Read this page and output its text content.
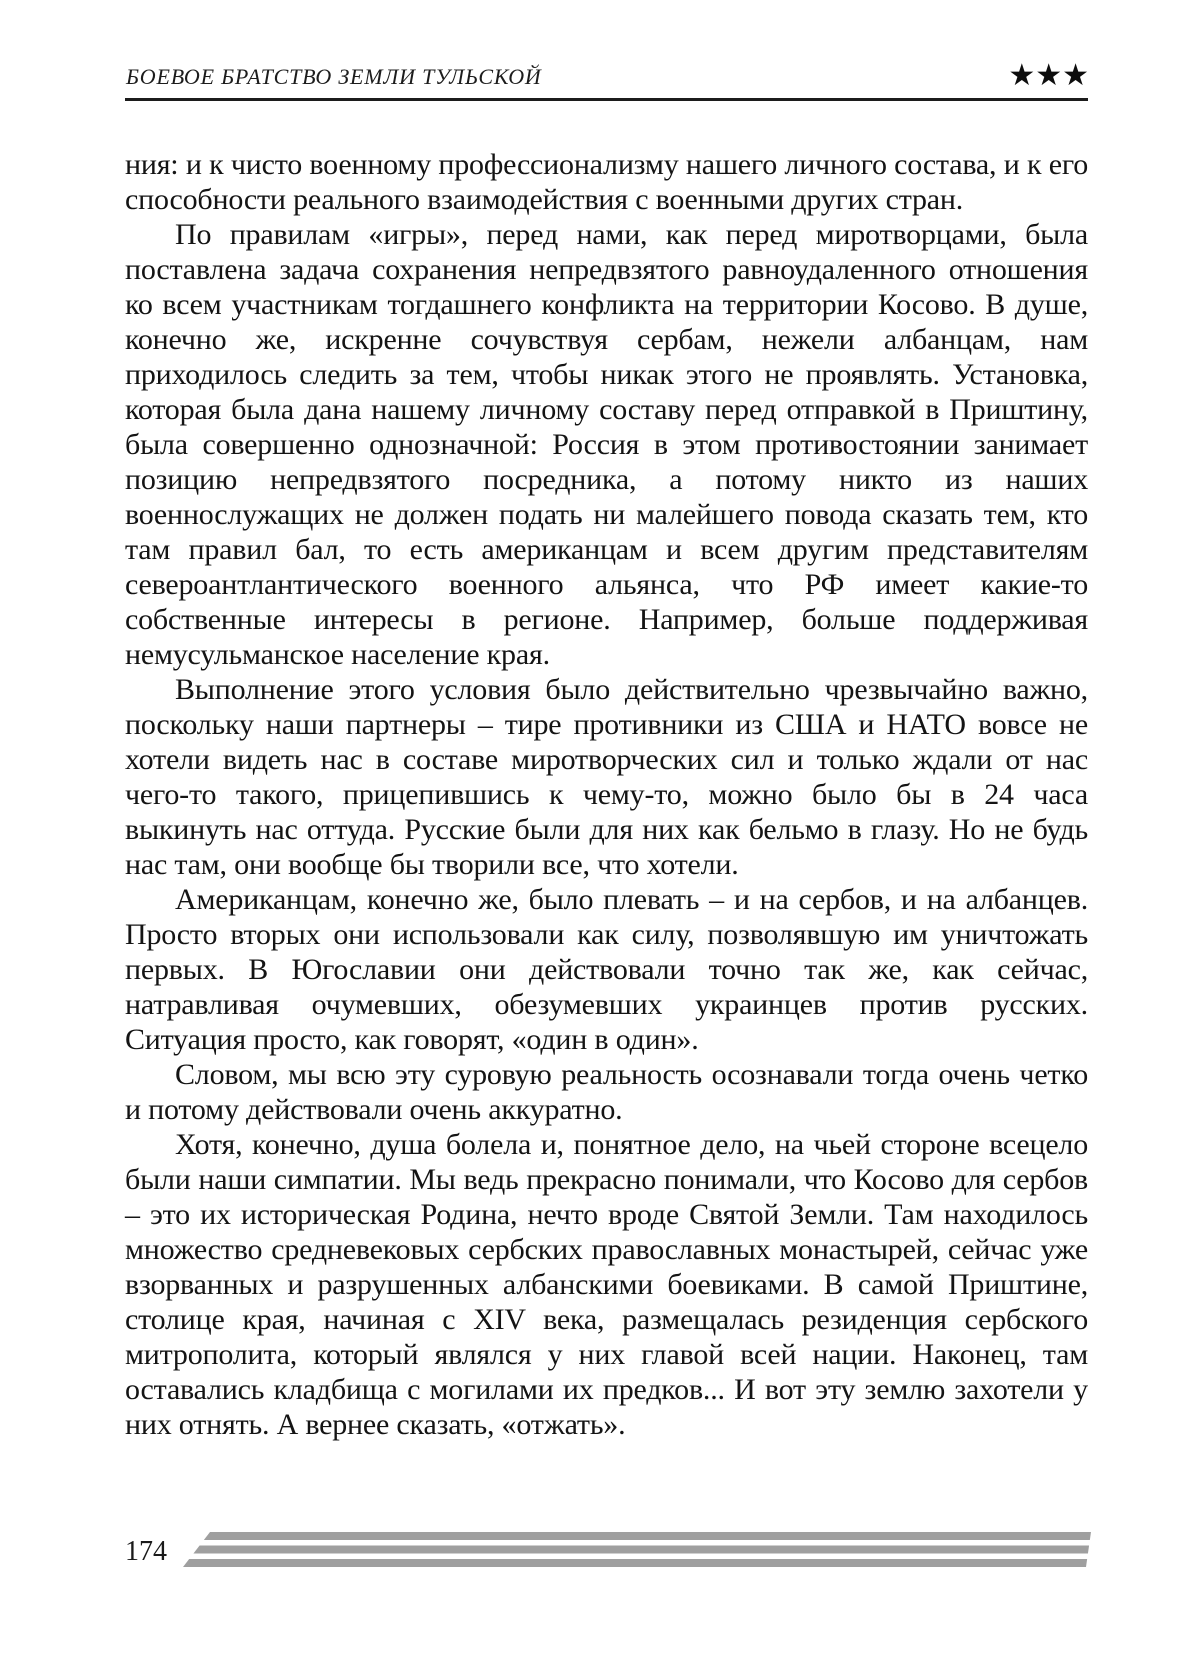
БОЕВОЕ БРАТСТВО ЗЕМЛИ ТУЛЬСКОЙ	★★★

ния: и к чисто военному профессионализму нашего личного состава, и к его способности реального взаимодействия с военными других стран.

По правилам «игры», перед нами, как перед миротворцами, была поставлена задача сохранения непредвзятого равноудаленного отношения ко всем участникам тогдашнего конфликта на территории Косово. В душе, конечно же, искренне сочувствуя сербам, нежели албанцам, нам приходилось следить за тем, чтобы никак этого не проявлять. Установка, которая была дана нашему личному составу перед отправкой в Приштину, была совершенно однозначной: Россия в этом противостоянии занимает позицию непредвзятого посредника, а потому никто из наших военнослужащих не должен подать ни малейшего повода сказать тем, кто там правил бал, то есть американцам и всем другим представителям североантлантического военного альянса, что РФ имеет какие-то собственные интересы в регионе. Например, больше поддерживая немусульманское население края.

Выполнение этого условия было действительно чрезвычайно важно, поскольку наши партнеры – тире противники из США и НАТО вовсе не хотели видеть нас в составе миротворческих сил и только ждали от нас чего-то такого, прицепившись к чему-то, можно было бы в 24 часа выкинуть нас оттуда. Русские были для них как бельмо в глазу. Но не будь нас там, они вообще бы творили все, что хотели.

Американцам, конечно же, было плевать – и на сербов, и на албанцев. Просто вторых они использовали как силу, позволявшую им уничтожать первых. В Югославии они действовали точно так же, как сейчас, натравливая очумевших, обезумевших украинцев против русских. Ситуация просто, как говорят, «один в один».

Словом, мы всю эту суровую реальность осознавали тогда очень четко и потому действовали очень аккуратно.

Хотя, конечно, душа болела и, понятное дело, на чьей стороне всецело были наши симпатии. Мы ведь прекрасно понимали, что Косово для сербов – это их историческая Родина, нечто вроде Святой Земли. Там находилось множество средневековых сербских православных монастырей, сейчас уже взорванных и разрушенных албанскими боевиками. В самой Приштине, столице края, начиная с XIV века, размещалась резиденция сербского митрополита, который являлся у них главой всей нации. Наконец, там оставались кладбища с могилами их предков... И вот эту землю захотели у них отнять. А вернее сказать, «отжать».

174
